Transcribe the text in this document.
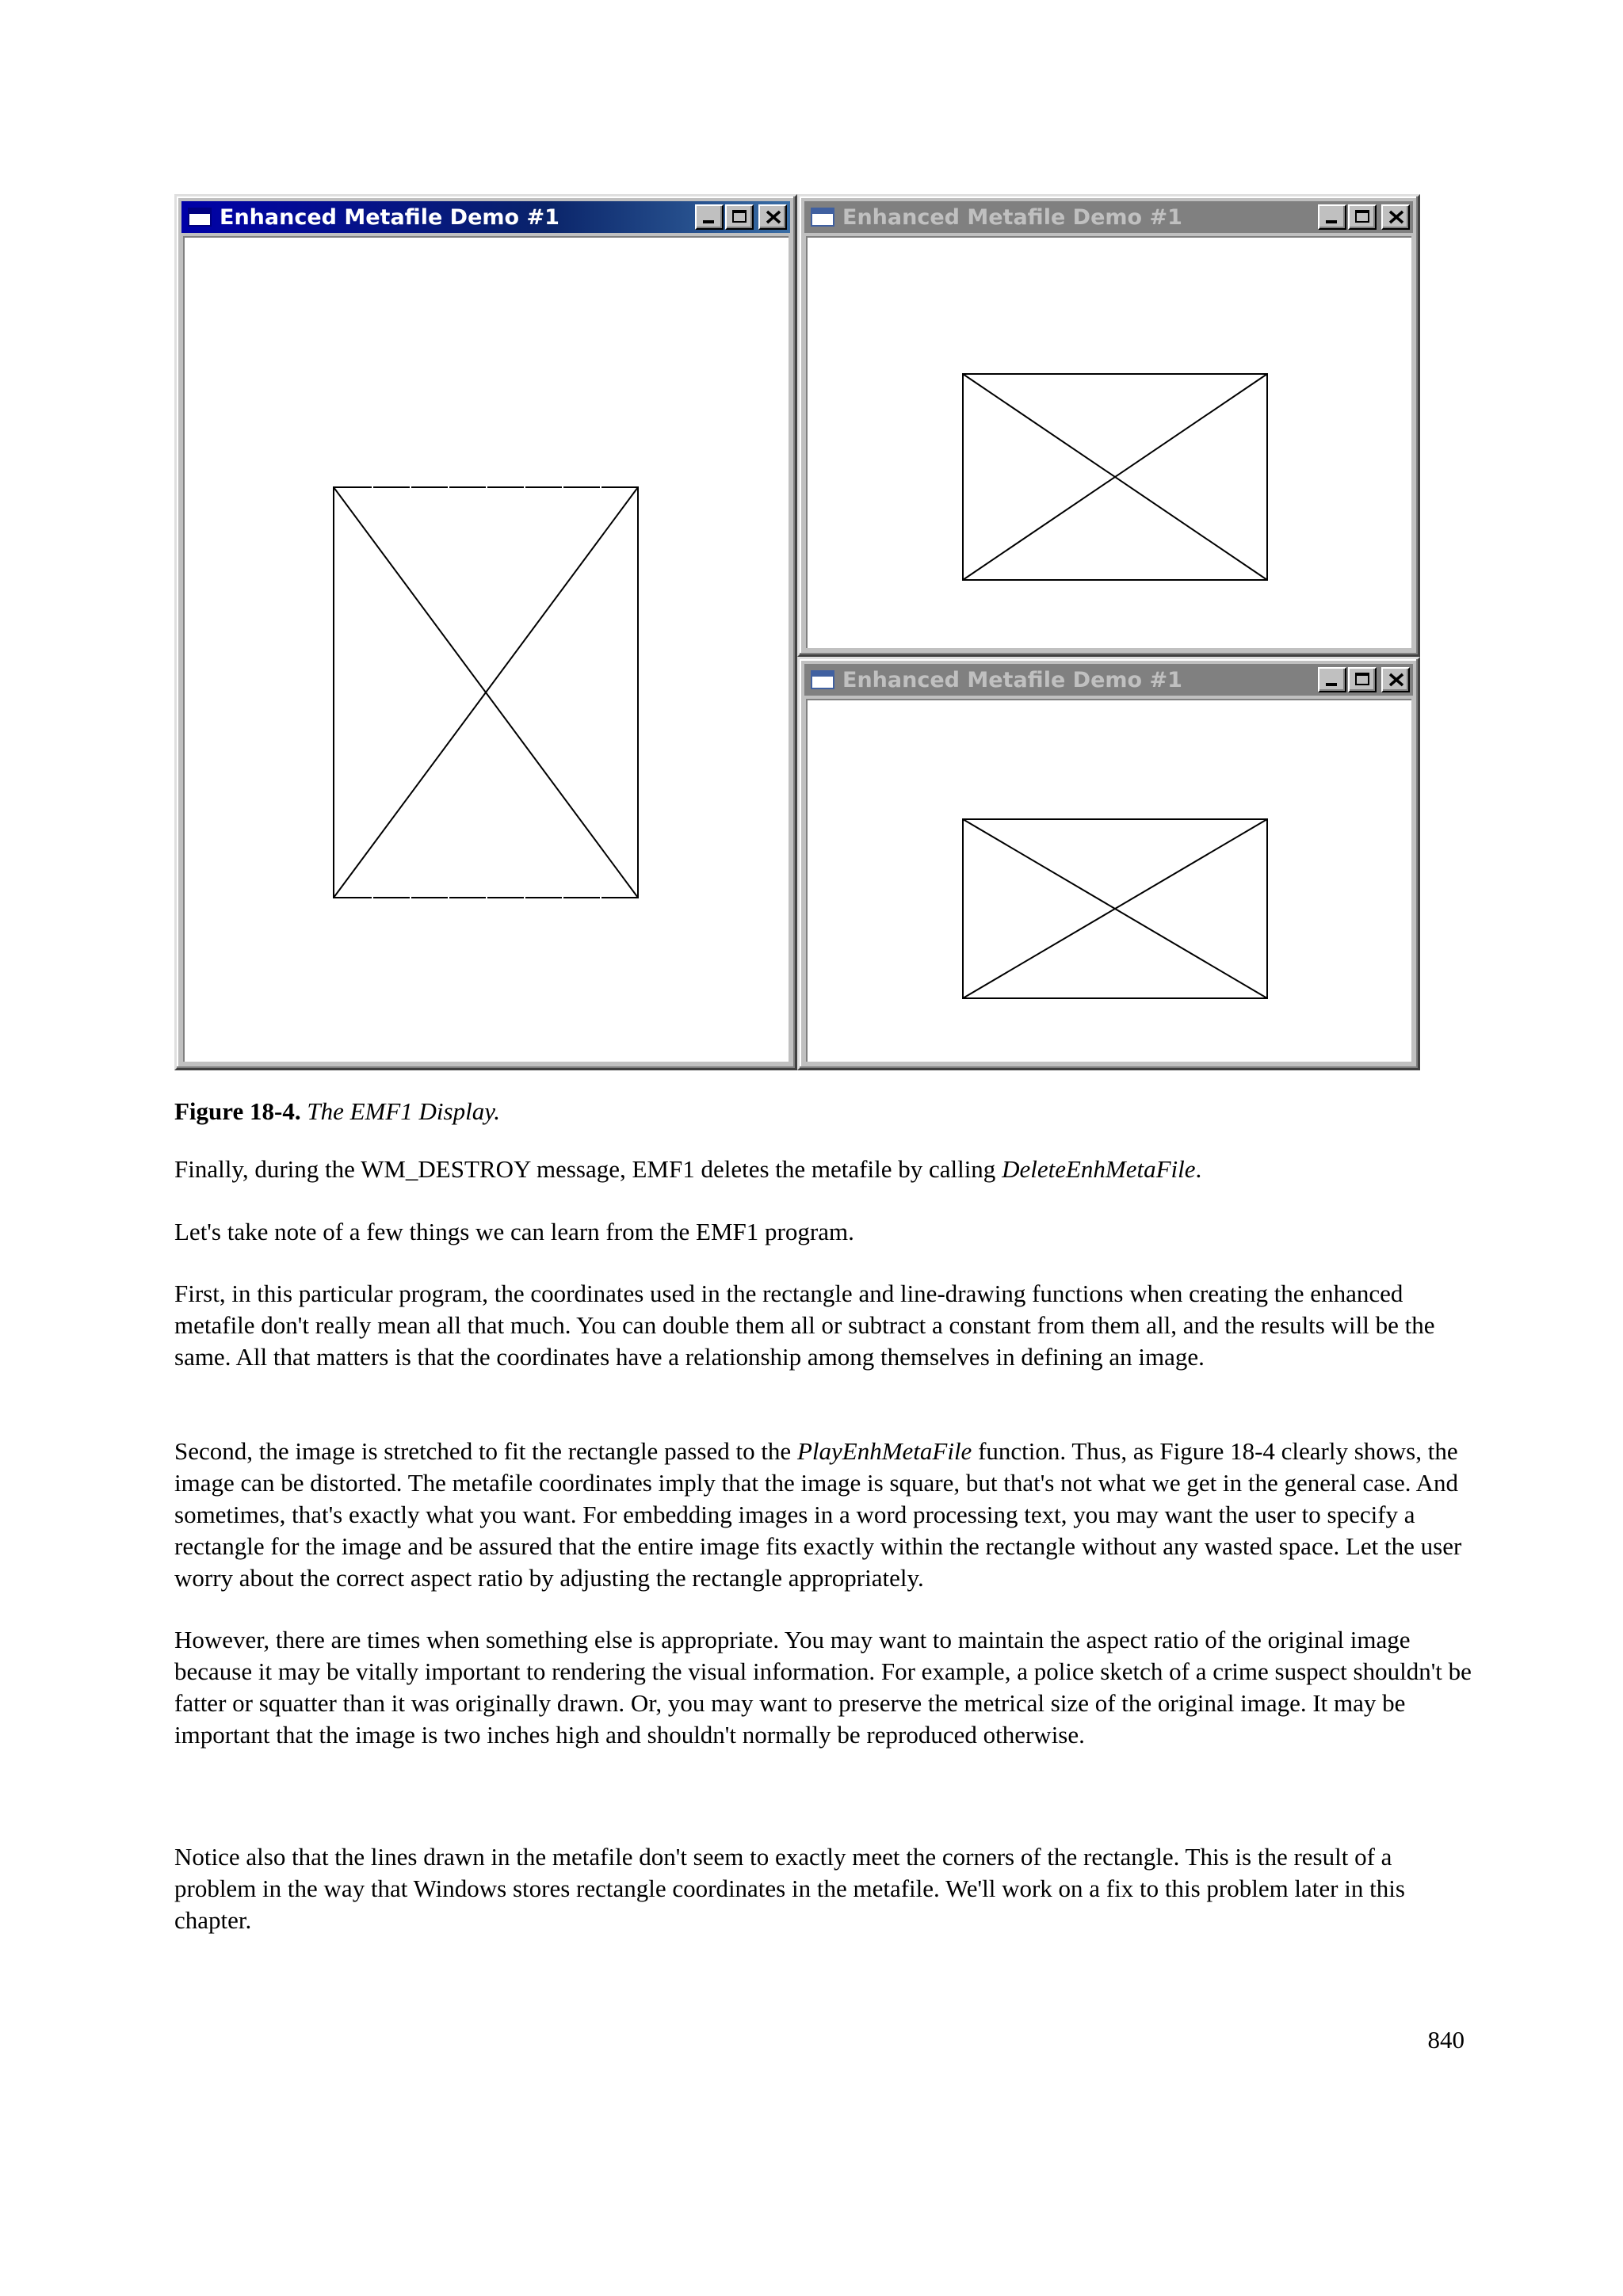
Enhanced Metafile Demo #1	Enhanced Metafile Demo #1
Enhanced Metafile Demo #1
Figure 18-4. The EMF1 Display.

Finally, during the WM_DESTROY message, EMF1 deletes the metafile by calling DeleteEnhMetaFile.

Let's take note of a few things we can learn from the EMF1 program.

First, in this particular program, the coordinates used in the rectangle and line-drawing functions when creating the enhanced metafile don't really mean all that much. You can double them all or subtract a constant from them all, and the results will be the same. All that matters is that the coordinates have a relationship among themselves in defining an image.

Second, the image is stretched to fit the rectangle passed to the PlayEnhMetaFile function. Thus, as Figure 18-4 clearly shows, the image can be distorted. The metafile coordinates imply that the image is square, but that's not what we get in the general case. And sometimes, that's exactly what you want. For embedding images in a word processing text, you may want the user to specify a rectangle for the image and be assured that the entire image fits exactly within the rectangle without any wasted space. Let the user worry about the correct aspect ratio by adjusting the rectangle appropriately.

However, there are times when something else is appropriate. You may want to maintain the aspect ratio of the original image because it may be vitally important to rendering the visual information. For example, a police sketch of a crime suspect shouldn't be fatter or squatter than it was originally drawn. Or, you may want to preserve the metrical size of the original image. It may be important that the image is two inches high and shouldn't normally be reproduced otherwise.

Notice also that the lines drawn in the metafile don't seem to exactly meet the corners of the rectangle. This is the result of a problem in the way that Windows stores rectangle coordinates in the metafile. We'll work on a fix to this problem later in this chapter.

840
